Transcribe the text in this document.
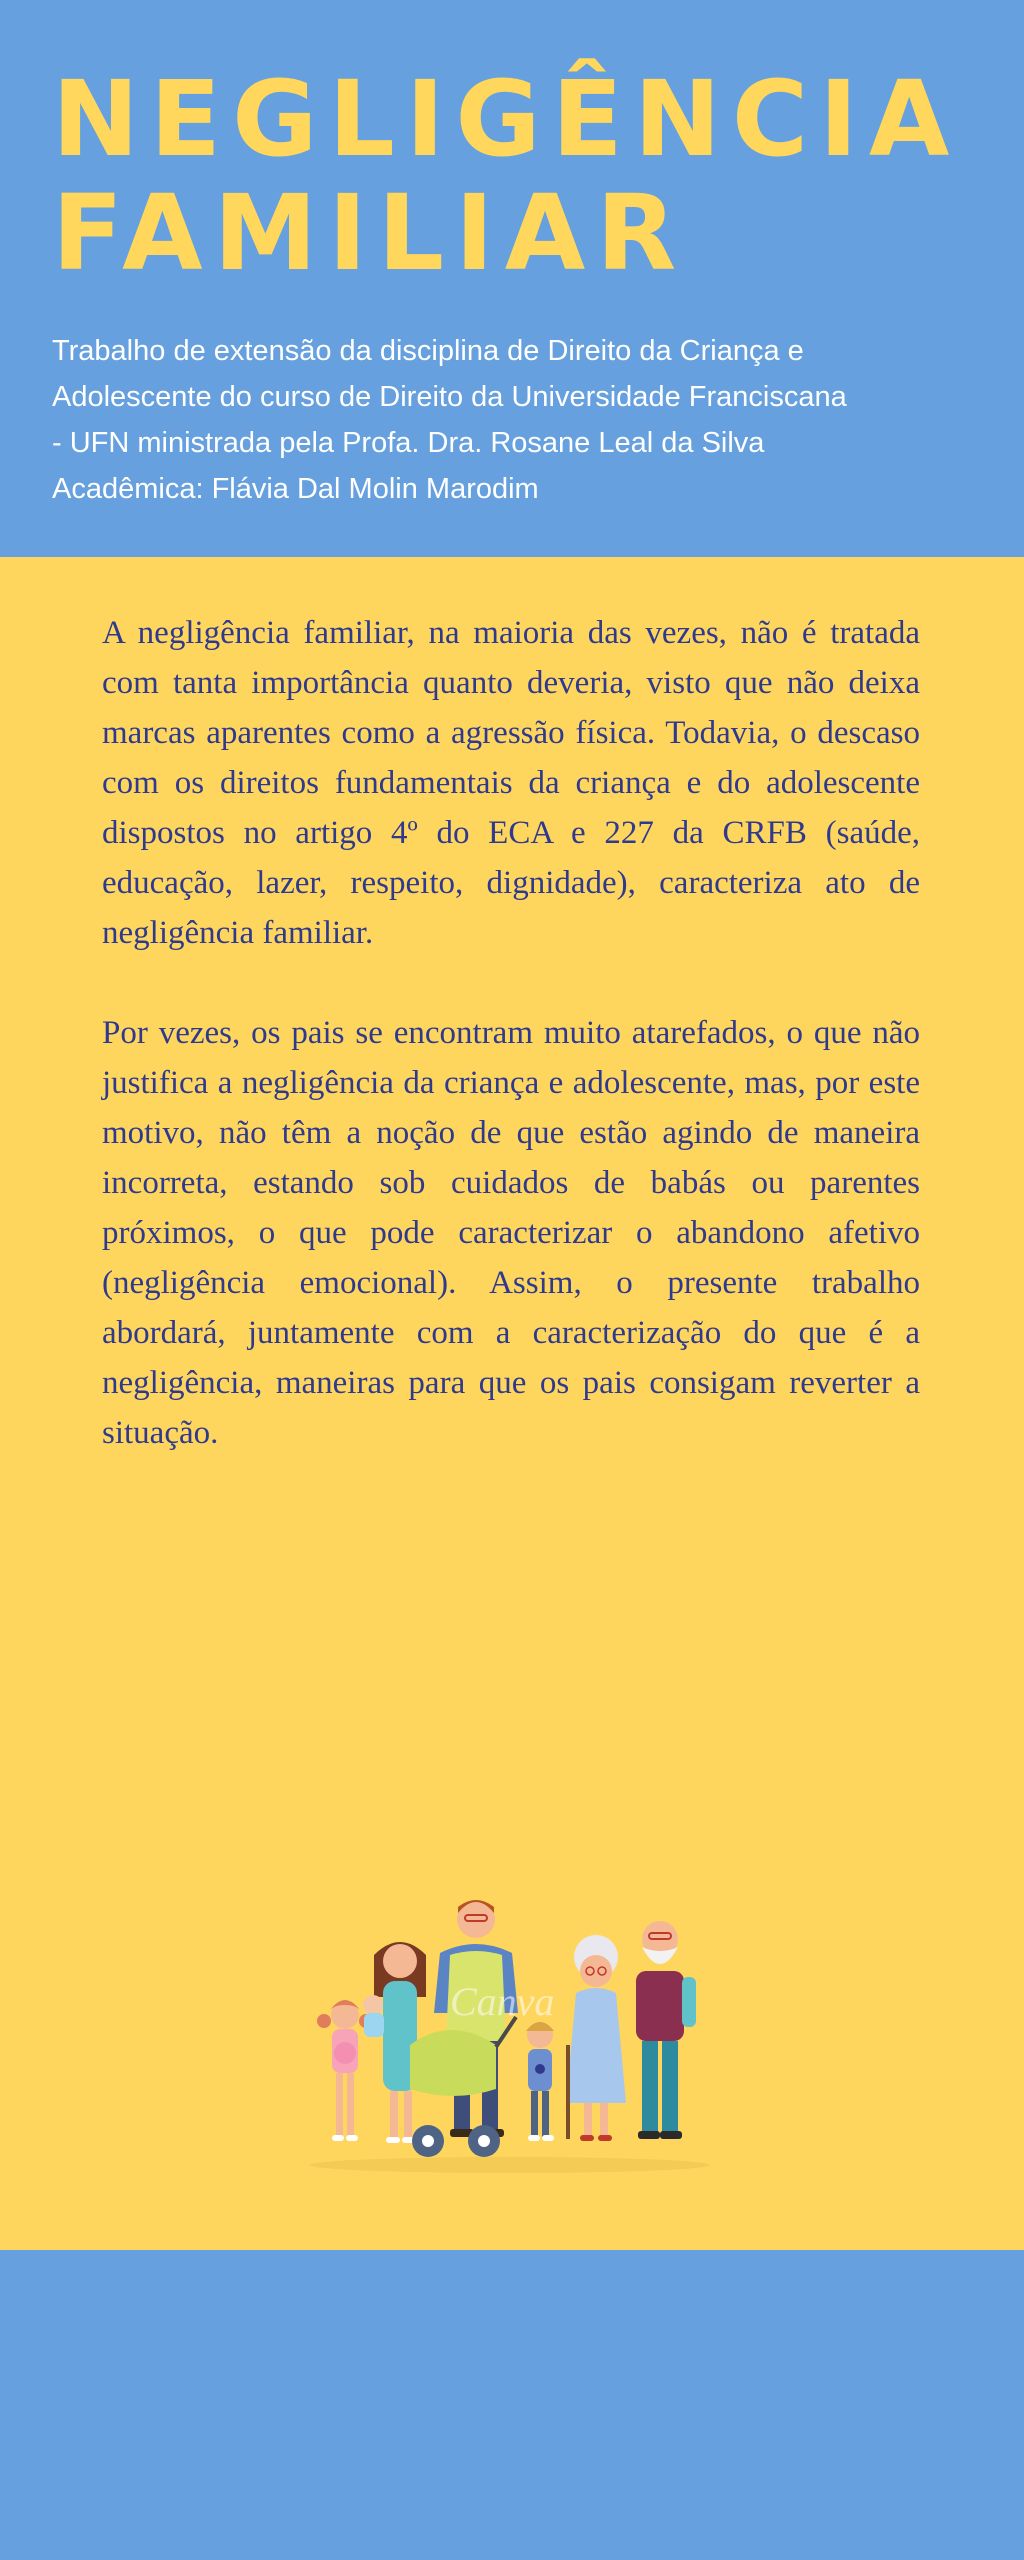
NEGLIGÊNCIA
FAMILIAR
Trabalho de extensão da disciplina de Direito da Criança e
Adolescente do curso de Direito da Universidade Franciscana
- UFN ministrada pela Profa. Dra. Rosane Leal da Silva
Acadêmica: Flávia Dal Molin Marodim

A negligência familiar, na maioria das vezes, não é tratada com tanta importância quanto deveria, visto que não deixa marcas aparentes como a agressão física. Todavia, o descaso com os direitos fundamentais da criança e do adolescente dispostos no artigo 4º do ECA e 227 da CRFB (saúde, educação, lazer, respeito, dignidade), caracteriza ato de negligência familiar.

Por vezes, os pais se encontram muito atarefados, o que não justifica a negligência da criança e adolescente, mas, por este motivo, não têm a noção de que estão agindo de maneira incorreta, estando sob cuidados de babás ou parentes próximos, o que pode caracterizar o abandono afetivo (negligência emocional). Assim, o presente trabalho abordará, juntamente com a caracterização do que é a negligência, maneiras para que os pais consigam reverter a situação.

Canva
